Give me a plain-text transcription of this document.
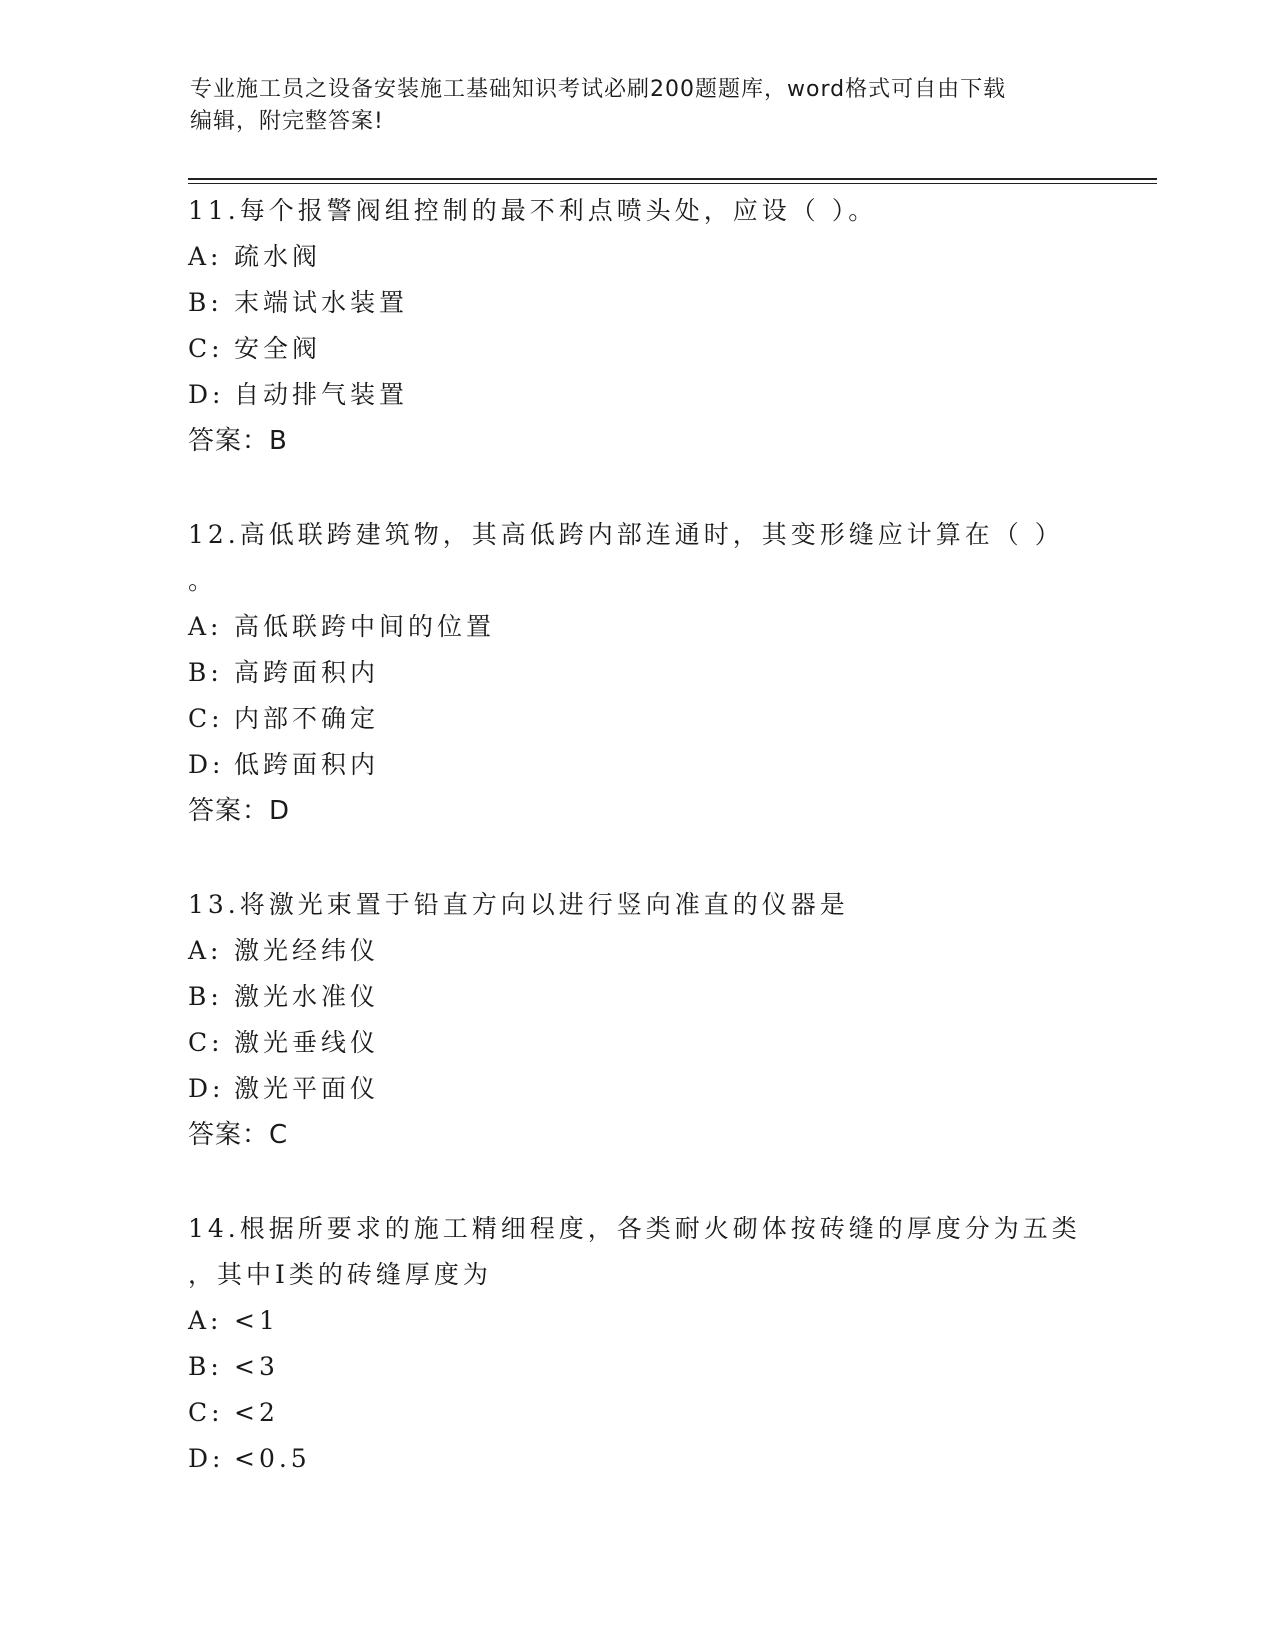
专业施工员之设备安装施工基础知识考试必刷200题题库，word格式可自由下载
编辑，附完整答案!
11.每个报警阀组控制的最不利点喷头处，应设（ ）。
A: 疏水阀
B: 末端试水装置
C: 安全阀
D: 自动排气装置
答案：B
12.高低联跨建筑物，其高低跨内部连通时，其变形缝应计算在（ ）
。
A: 高低联跨中间的位置
B: 高跨面积内
C: 内部不确定
D: 低跨面积内
答案：D
13.将激光束置于铅直方向以进行竖向准直的仪器是
A: 激光经纬仪
B: 激光水准仪
C: 激光垂线仪
D: 激光平面仪
答案：C
14.根据所要求的施工精细程度，各类耐火砌体按砖缝的厚度分为五类
，其中Ⅰ类的砖缝厚度为
A: <1
B: <3
C: <2
D: <0.5
